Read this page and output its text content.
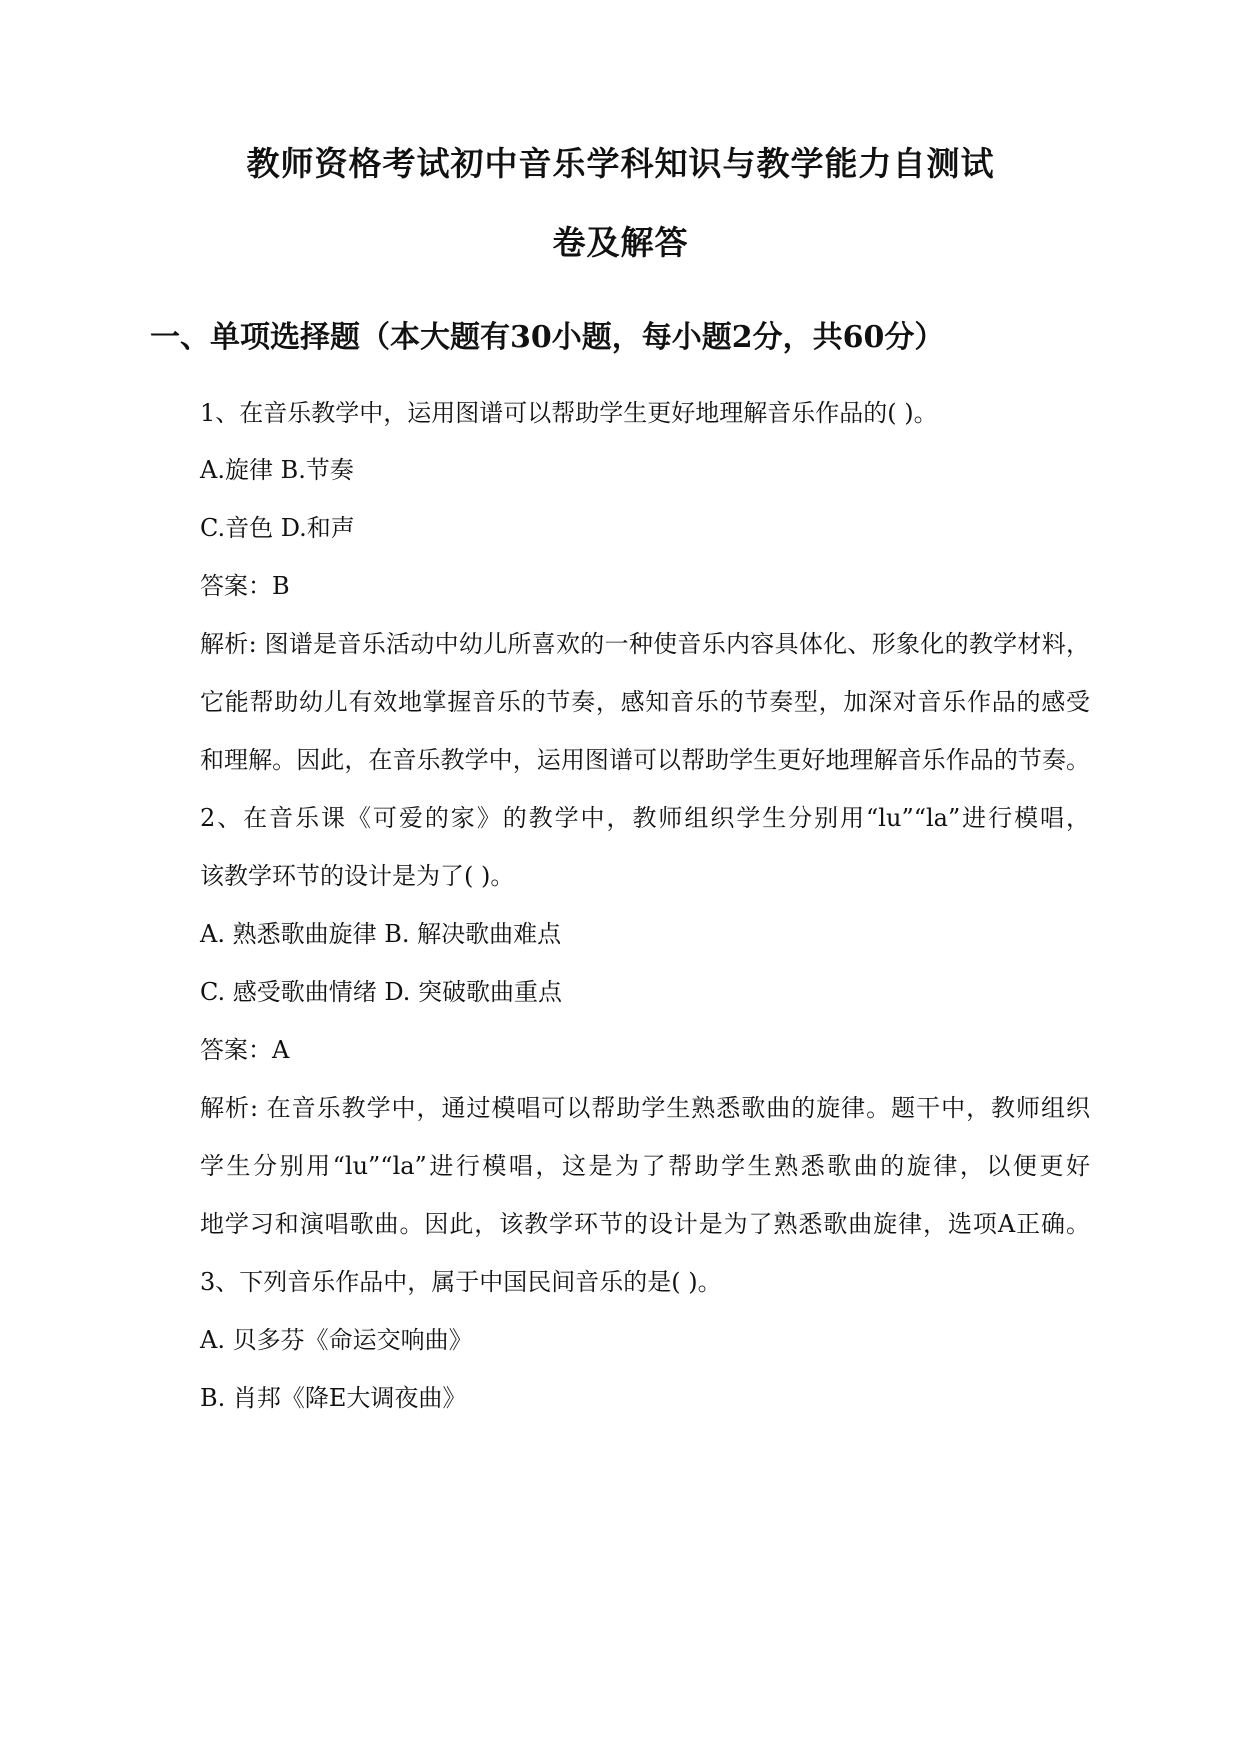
教师资格考试初中音乐学科知识与教学能力自测试
卷及解答
一、单项选择题（本大题有30小题，每小题2分，共60分）
1、在音乐教学中，运用图谱可以帮助学生更好地理解音乐作品的( )。
A.旋律 B.节奏
C.音色 D.和声
答案：B
解析: 图谱是音乐活动中幼儿所喜欢的一种使音乐内容具体化、形象化的教学材料，
它能帮助幼儿有效地掌握音乐的节奏，感知音乐的节奏型，加深对音乐作品的感受
和理解。因此，在音乐教学中，运用图谱可以帮助学生更好地理解音乐作品的节奏。
2、在音乐课《可爱的家》的教学中，教师组织学生分别用“lu”“la”进行模唱，
该教学环节的设计是为了( )。
A. 熟悉歌曲旋律 B. 解决歌曲难点
C. 感受歌曲情绪 D. 突破歌曲重点
答案：A
解析: 在音乐教学中，通过模唱可以帮助学生熟悉歌曲的旋律。题干中，教师组织
学生分别用“lu”“la”进行模唱，这是为了帮助学生熟悉歌曲的旋律，以便更好
地学习和演唱歌曲。因此，该教学环节的设计是为了熟悉歌曲旋律，选项A正确。
3、下列音乐作品中，属于中国民间音乐的是( )。
A. 贝多芬《命运交响曲》
B. 肖邦《降E大调夜曲》
